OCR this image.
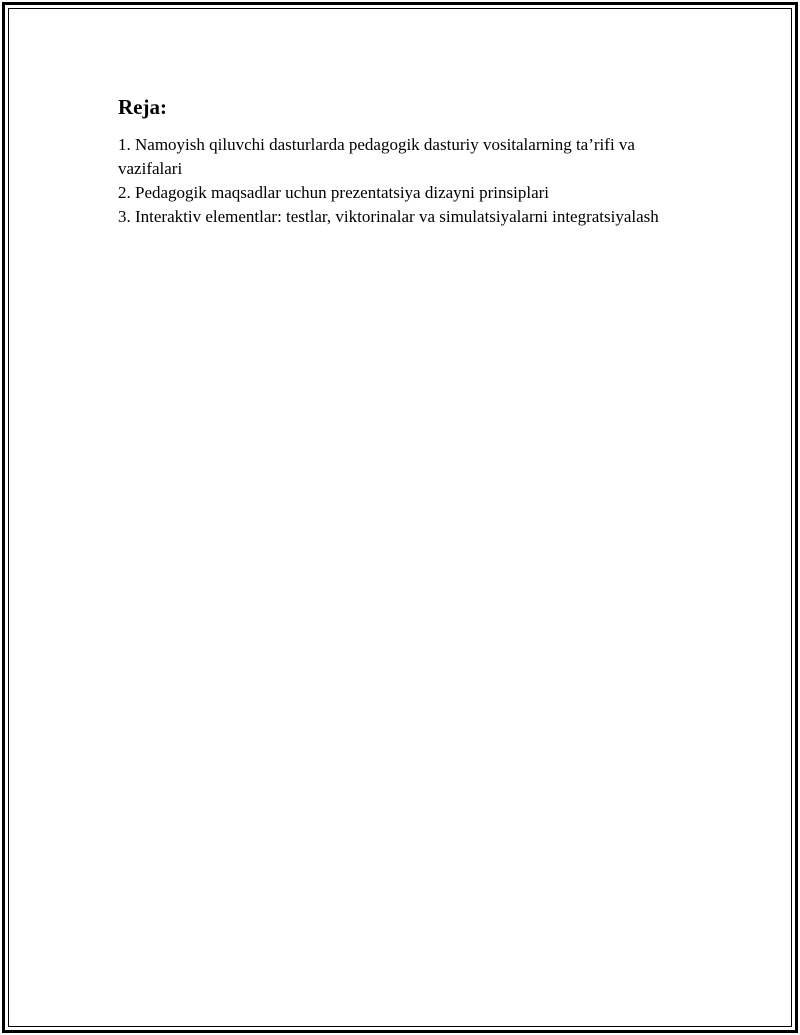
Reja:
1. Namoyish qiluvchi dasturlarda pedagogik dasturiy vositalarning ta’rifi va vazifalari
2. Pedagogik maqsadlar uchun prezentatsiya dizayni prinsiplari
3. Interaktiv elementlar: testlar, viktorinalar va simulatsiyalarni integratsiyalash
